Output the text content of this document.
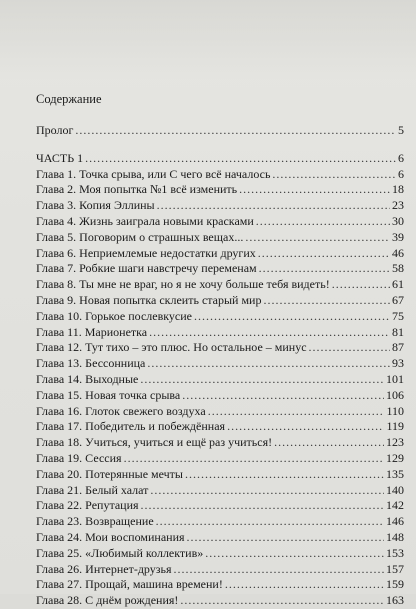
Содержание
Пролог .....	5
ЧАСТЬ 1 .....	6
Глава 1. Точка срыва, или С чего всё началось .....	6
Глава 2. Моя попытка №1 всё изменить .....	18
Глава 3. Копия Эллины .....	23
Глава 4. Жизнь заиграла новыми красками .....	30
Глава 5. Поговорим о страшных вещах... .....	39
Глава 6. Неприемлемые недостатки других .....	46
Глава 7. Робкие шаги навстречу переменам .....	58
Глава 8. Ты мне не враг, но я не хочу больше тебя видеть! .....	61
Глава 9. Новая попытка склеить старый мир .....	67
Глава 10. Горькое послевкусие .....	75
Глава 11. Марионетка .....	81
Глава 12. Тут тихо – это плюс. Но остальное – минус .....	87
Глава 13. Бессонница .....	93
Глава 14. Выходные .....	101
Глава 15. Новая точка срыва .....	106
Глава 16. Глоток свежего воздуха .....	110
Глава 17. Победитель и побеждённая .....	119
Глава 18. Учиться, учиться и ещё раз учиться! .....	123
Глава 19. Сессия .....	129
Глава 20. Потерянные мечты .....	135
Глава 21. Белый халат .....	140
Глава 22. Репутация .....	142
Глава 23. Возвращение .....	146
Глава 24. Мои воспоминания .....	148
Глава 25. «Любимый коллектив» .....	153
Глава 26. Интернет-друзья .....	157
Глава 27. Прощай, машина времени! .....	159
Глава 28. С днём рождения! .....	163
